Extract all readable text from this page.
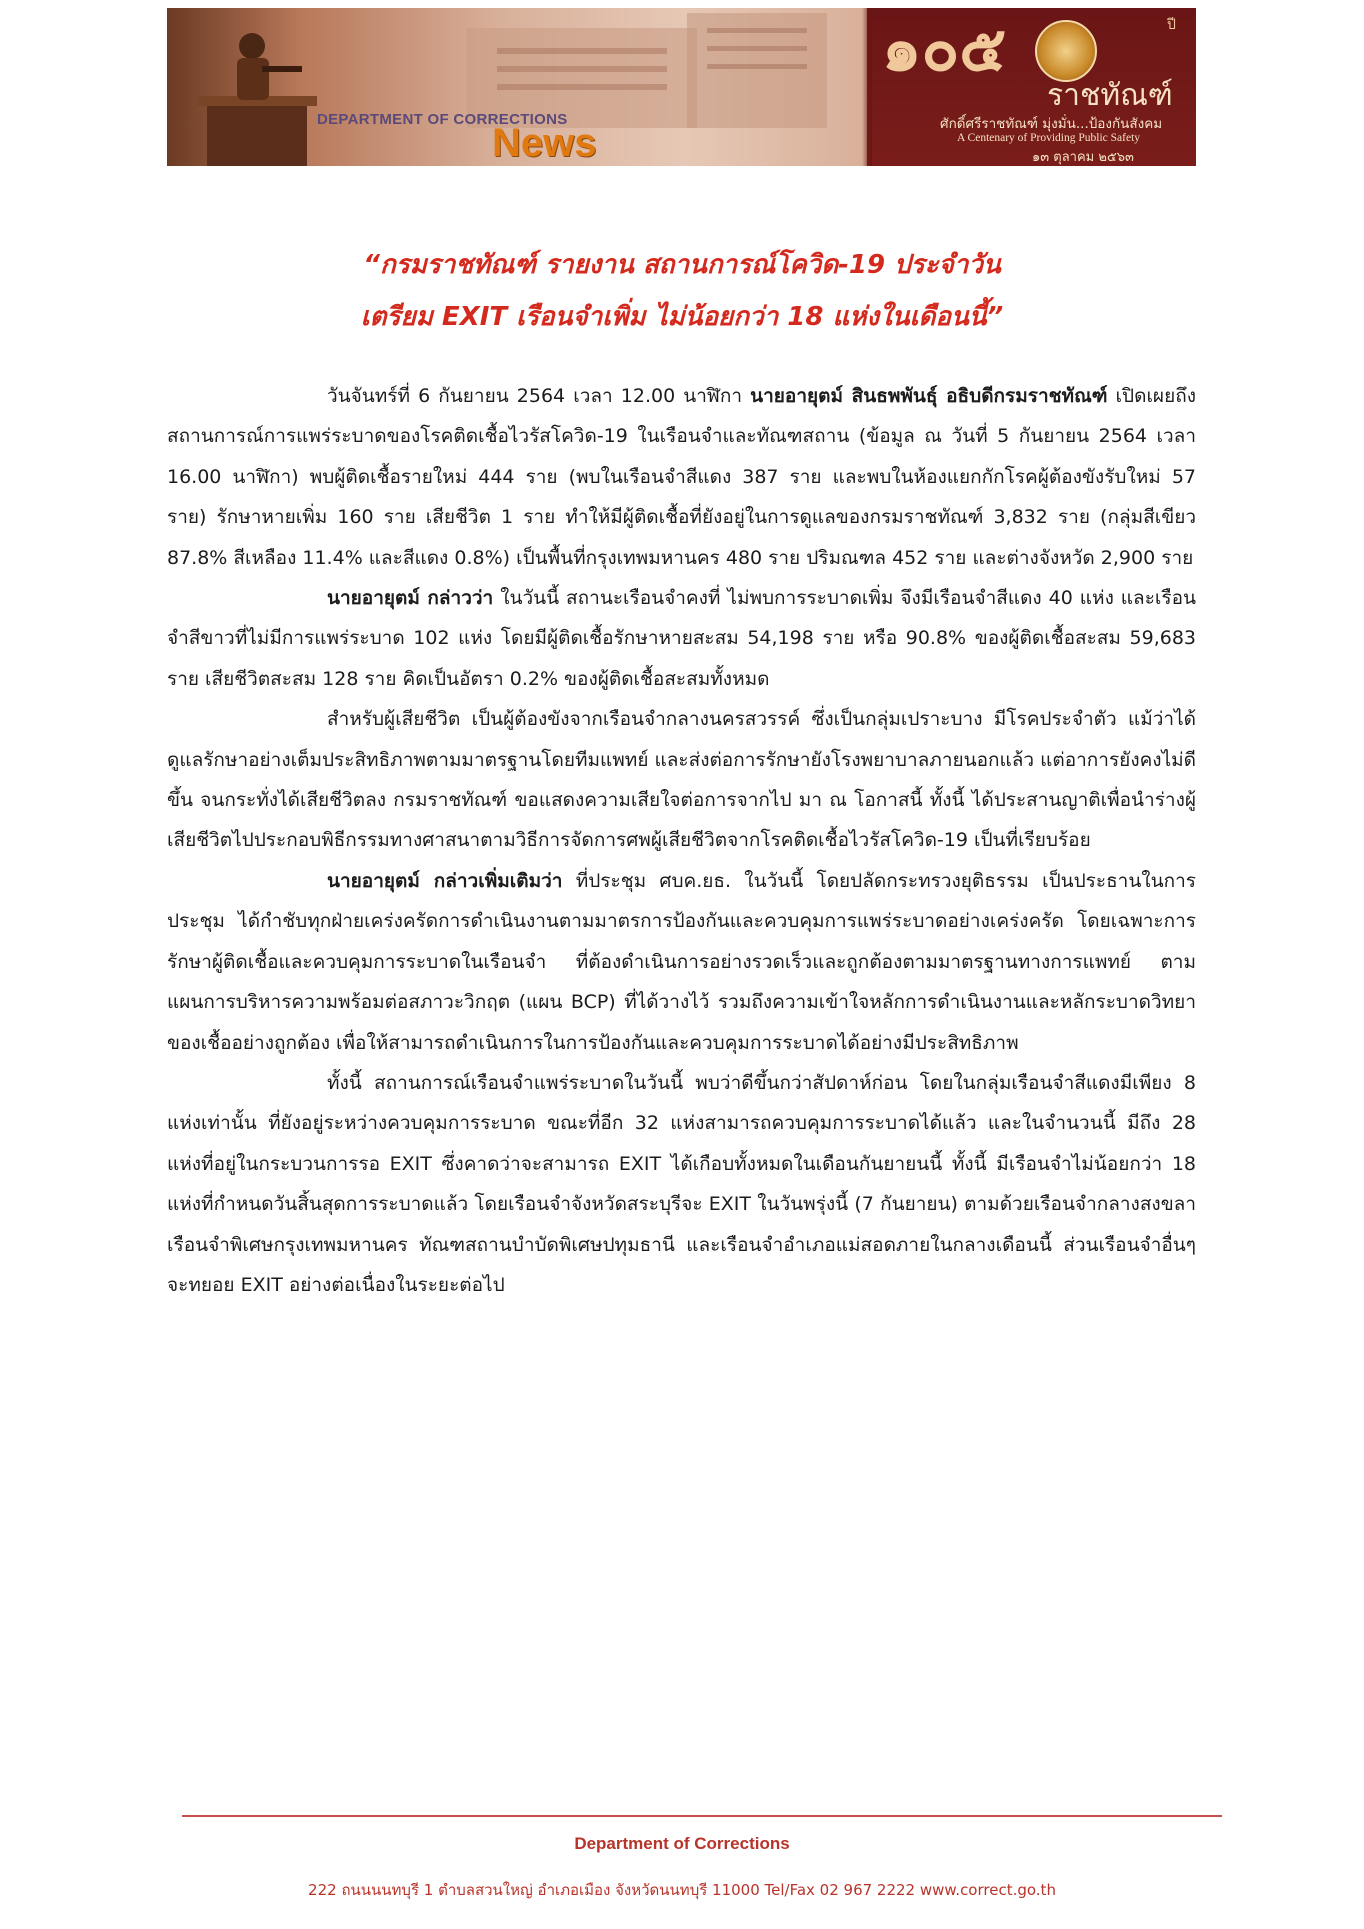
DEPARTMENT OF CORRECTIONS
News
๑๐๕	ปี
ราชทัณฑ์
ศักดิ์ศรีราชทัณฑ์ มุ่งมั่น...ป้องกันสังคม
A Centenary of Providing Public Safety
๑๓ ตุลาคม ๒๕๖๓
“กรมราชทัณฑ์ รายงาน สถานการณ์โควิด-19 ประจำวัน
เตรียม EXIT เรือนจำเพิ่ม ไม่น้อยกว่า 18 แห่งในเดือนนี้”

วันจันทร์ที่ 6 กันยายน 2564 เวลา 12.00 นาฬิกา นายอายุตม์ สินธพพันธุ์ อธิบดีกรมราชทัณฑ์ เปิดเผยถึงสถานการณ์การแพร่ระบาดของโรคติดเชื้อไวรัสโควิด-19 ในเรือนจำและทัณฑสถาน (ข้อมูล ณ วันที่ 5 กันยายน 2564 เวลา 16.00 นาฬิกา) พบผู้ติดเชื้อรายใหม่ 444 ราย (พบในเรือนจำสีแดง 387 ราย และพบในห้องแยกกักโรคผู้ต้องขังรับใหม่ 57 ราย) รักษาหายเพิ่ม 160 ราย เสียชีวิต 1 ราย ทำให้มีผู้ติดเชื้อที่ยังอยู่ในการดูแลของกรมราชทัณฑ์ 3,832 ราย (กลุ่มสีเขียว 87.8% สีเหลือง 11.4% และสีแดง 0.8%) เป็นพื้นที่กรุงเทพมหานคร 480 ราย ปริมณฑล 452 ราย และต่างจังหวัด 2,900 ราย

นายอายุตม์ กล่าวว่า ในวันนี้ สถานะเรือนจำคงที่ ไม่พบการระบาดเพิ่ม จึงมีเรือนจำสีแดง 40 แห่ง และเรือนจำสีขาวที่ไม่มีการแพร่ระบาด 102 แห่ง โดยมีผู้ติดเชื้อรักษาหายสะสม 54,198 ราย หรือ 90.8% ของผู้ติดเชื้อสะสม 59,683 ราย เสียชีวิตสะสม 128 ราย คิดเป็นอัตรา 0.2% ของผู้ติดเชื้อสะสมทั้งหมด

สำหรับผู้เสียชีวิต เป็นผู้ต้องขังจากเรือนจำกลางนครสวรรค์ ซึ่งเป็นกลุ่มเปราะบาง มีโรคประจำตัว แม้ว่าได้ดูแลรักษาอย่างเต็มประสิทธิภาพตามมาตรฐานโดยทีมแพทย์ และส่งต่อการรักษายังโรงพยาบาลภายนอกแล้ว แต่อาการยังคงไม่ดีขึ้น จนกระทั่งได้เสียชีวิตลง กรมราชทัณฑ์ ขอแสดงความเสียใจต่อการจากไป มา ณ โอกาสนี้ ทั้งนี้ ได้ประสานญาติเพื่อนำร่างผู้เสียชีวิตไปประกอบพิธีกรรมทางศาสนาตามวิธีการจัดการศพผู้เสียชีวิตจากโรคติดเชื้อไวรัสโควิด-19 เป็นที่เรียบร้อย

นายอายุตม์ กล่าวเพิ่มเติมว่า ที่ประชุม ศบค.ยธ. ในวันนี้ โดยปลัดกระทรวงยุติธรรม เป็นประธานในการประชุม ได้กำชับทุกฝ่ายเคร่งครัดการดำเนินงานตามมาตรการป้องกันและควบคุมการแพร่ระบาดอย่างเคร่งครัด โดยเฉพาะการรักษาผู้ติดเชื้อและควบคุมการระบาดในเรือนจำ ที่ต้องดำเนินการอย่างรวดเร็วและถูกต้องตามมาตรฐานทางการแพทย์ ตามแผนการบริหารความพร้อมต่อสภาวะวิกฤต (แผน BCP) ที่ได้วางไว้ รวมถึงความเข้าใจหลักการดำเนินงานและหลักระบาดวิทยาของเชื้ออย่างถูกต้อง เพื่อให้สามารถดำเนินการในการป้องกันและควบคุมการระบาดได้อย่างมีประสิทธิภาพ

ทั้งนี้ สถานการณ์เรือนจำแพร่ระบาดในวันนี้ พบว่าดีขึ้นกว่าสัปดาห์ก่อน โดยในกลุ่มเรือนจำสีแดงมีเพียง 8 แห่งเท่านั้น ที่ยังอยู่ระหว่างควบคุมการระบาด ขณะที่อีก 32 แห่งสามารถควบคุมการระบาดได้แล้ว และในจำนวนนี้ มีถึง 28 แห่งที่อยู่ในกระบวนการรอ EXIT ซึ่งคาดว่าจะสามารถ EXIT ได้เกือบทั้งหมดในเดือนกันยายนนี้ ทั้งนี้ มีเรือนจำไม่น้อยกว่า 18 แห่งที่กำหนดวันสิ้นสุดการระบาดแล้ว โดยเรือนจำจังหวัดสระบุรีจะ EXIT ในวันพรุ่งนี้ (7 กันยายน) ตามด้วยเรือนจำกลางสงขลา เรือนจำพิเศษกรุงเทพมหานคร ทัณฑสถานบำบัดพิเศษปทุมธานี และเรือนจำอำเภอแม่สอดภายในกลางเดือนนี้ ส่วนเรือนจำอื่นๆ จะทยอย EXIT อย่างต่อเนื่องในระยะต่อไป

Department of Corrections
222 ถนนนนทบุรี 1 ตำบลสวนใหญ่ อำเภอเมือง จังหวัดนนทบุรี 11000 Tel/Fax 02 967 2222 www.correct.go.th
